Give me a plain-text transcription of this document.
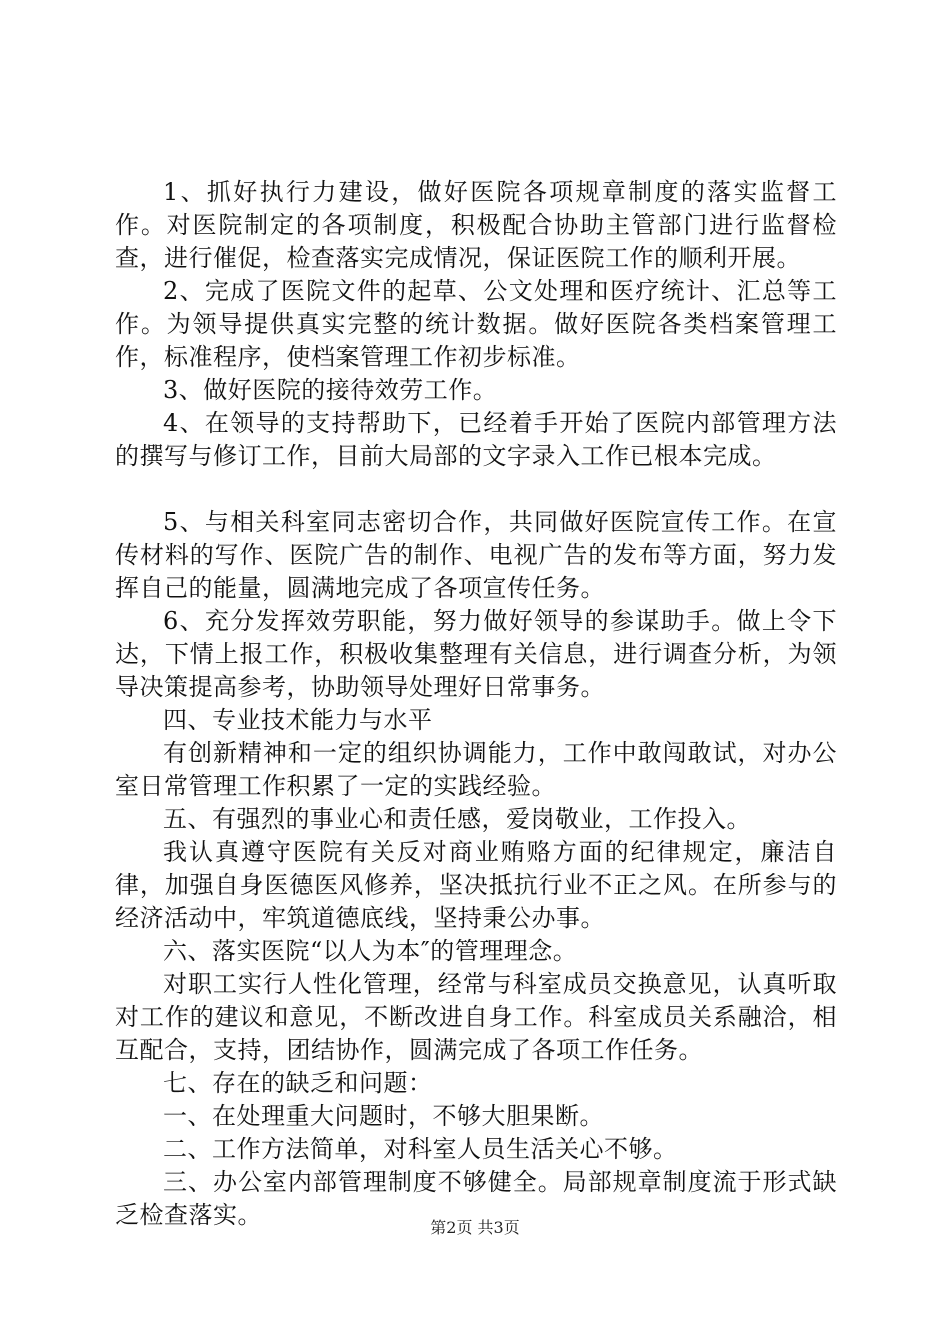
1、抓好执行力建设，做好医院各项规章制度的落实监督工作。对医院制定的各项制度，积极配合协助主管部门进行监督检查，进行催促，检查落实完成情况，保证医院工作的顺利开展。

2、完成了医院文件的起草、公文处理和医疗统计、汇总等工作。为领导提供真实完整的统计数据。做好医院各类档案管理工作，标准程序，使档案管理工作初步标准。

3、做好医院的接待效劳工作。

4、在领导的支持帮助下，已经着手开始了医院内部管理方法的撰写与修订工作，目前大局部的文字录入工作已根本完成。

5、与相关科室同志密切合作，共同做好医院宣传工作。在宣传材料的写作、医院广告的制作、电视广告的发布等方面，努力发挥自己的能量，圆满地完成了各项宣传任务。

6、充分发挥效劳职能，努力做好领导的参谋助手。做上令下达，下情上报工作，积极收集整理有关信息，进行调查分析，为领导决策提高参考，协助领导处理好日常事务。

四、专业技术能力与水平

有创新精神和一定的组织协调能力，工作中敢闯敢试，对办公室日常管理工作积累了一定的实践经验。

五、有强烈的事业心和责任感，爱岗敬业，工作投入。

我认真遵守医院有关反对商业贿赂方面的纪律规定，廉洁自律，加强自身医德医风修养，坚决抵抗行业不正之风。在所参与的经济活动中，牢筑道德底线，坚持秉公办事。

六、落实医院“以人为本″的管理理念。

对职工实行人性化管理，经常与科室成员交换意见，认真听取对工作的建议和意见，不断改进自身工作。科室成员关系融洽，相互配合，支持，团结协作，圆满完成了各项工作任务。

七、存在的缺乏和问题：

一、在处理重大问题时，不够大胆果断。

二、工作方法简单，对科室人员生活关心不够。

三、办公室内部管理制度不够健全。局部规章制度流于形式缺乏检查落实。	第2页 共3页
